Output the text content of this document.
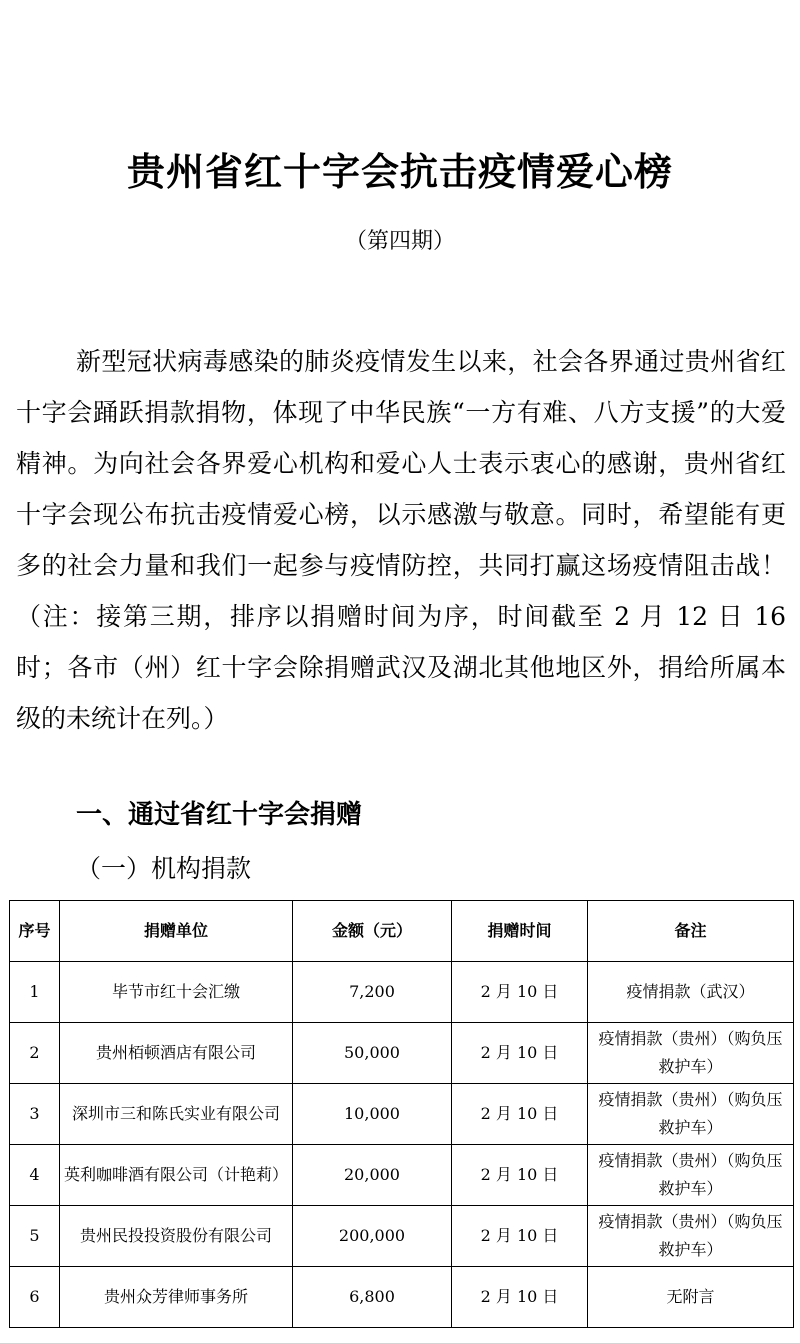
贵州省红十字会抗击疫情爱心榜
（第四期）

新型冠状病毒感染的肺炎疫情发生以来，社会各界通过贵州省红十字会踊跃捐款捐物，体现了中华民族“一方有难、八方支援”的大爱精神。为向社会各界爱心机构和爱心人士表示衷心的感谢，贵州省红十字会现公布抗击疫情爱心榜，以示感激与敬意。同时，希望能有更多的社会力量和我们一起参与疫情防控，共同打赢这场疫情阻击战！（注：接第三期，排序以捐赠时间为序，时间截至 2 月 12 日 16 时；各市（州）红十字会除捐赠武汉及湖北其他地区外，捐给所属本级的未统计在列。）

一、通过省红十字会捐赠
（一）机构捐款
序号	捐赠单位	金额（元）	捐赠时间	备注
1	毕节市红十会汇缴	7,200	2 月 10 日	疫情捐款（武汉）
2	贵州栢顿酒店有限公司	50,000	2 月 10 日	疫情捐款（贵州）（购负压救护车）
3	深圳市三和陈氏实业有限公司	10,000	2 月 10 日	疫情捐款（贵州）（购负压救护车）
4	英利咖啡酒有限公司（计艳莉）	20,000	2 月 10 日	疫情捐款（贵州）（购负压救护车）
5	贵州民投投资股份有限公司	200,000	2 月 10 日	疫情捐款（贵州）（购负压救护车）
6	贵州众芳律师事务所	6,800	2 月 10 日	无附言
